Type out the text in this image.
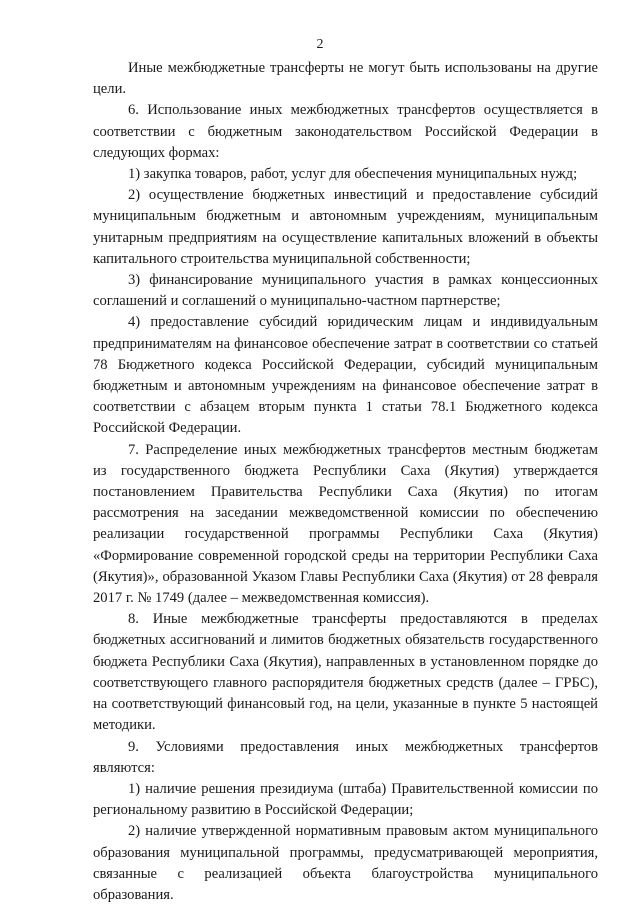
2

Иные межбюджетные трансферты не могут быть использованы на другие цели.

6. Использование иных межбюджетных трансфертов осуществляется в соответствии с бюджетным законодательством Российской Федерации в следующих формах:

1) закупка товаров, работ, услуг для обеспечения муниципальных нужд;

2) осуществление бюджетных инвестиций и предоставление субсидий муниципальным бюджетным и автономным учреждениям, муниципальным унитарным предприятиям на осуществление капитальных вложений в объекты капитального строительства муниципальной собственности;

3) финансирование муниципального участия в рамках концессионных соглашений и соглашений о муниципально-частном партнерстве;

4) предоставление субсидий юридическим лицам и индивидуальным предпринимателям на финансовое обеспечение затрат в соответствии со статьей 78 Бюджетного кодекса Российской Федерации, субсидий муниципальным бюджетным и автономным учреждениям на финансовое обеспечение затрат в соответствии с абзацем вторым пункта 1 статьи 78.1 Бюджетного кодекса Российской Федерации.

7. Распределение иных межбюджетных трансфертов местным бюджетам из государственного бюджета Республики Саха (Якутия) утверждается постановлением Правительства Республики Саха (Якутия) по итогам рассмотрения на заседании межведомственной комиссии по обеспечению реализации государственной программы Республики Саха (Якутия) «Формирование современной городской среды на территории Республики Саха (Якутия)», образованной Указом Главы Республики Саха (Якутия) от 28 февраля 2017 г. № 1749 (далее – межведомственная комиссия).

8. Иные межбюджетные трансферты предоставляются в пределах бюджетных ассигнований и лимитов бюджетных обязательств государственного бюджета Республики Саха (Якутия), направленных в установленном порядке до соответствующего главного распорядителя бюджетных средств (далее – ГРБС), на соответствующий финансовый год, на цели, указанные в пункте 5 настоящей методики.

9. Условиями предоставления иных межбюджетных трансфертов являются:

1) наличие решения президиума (штаба) Правительственной комиссии по региональному развитию в Российской Федерации;

2) наличие утвержденной нормативным правовым актом муниципального образования муниципальной программы, предусматривающей мероприятия, связанные с реализацией объекта благоустройства муниципального образования.
